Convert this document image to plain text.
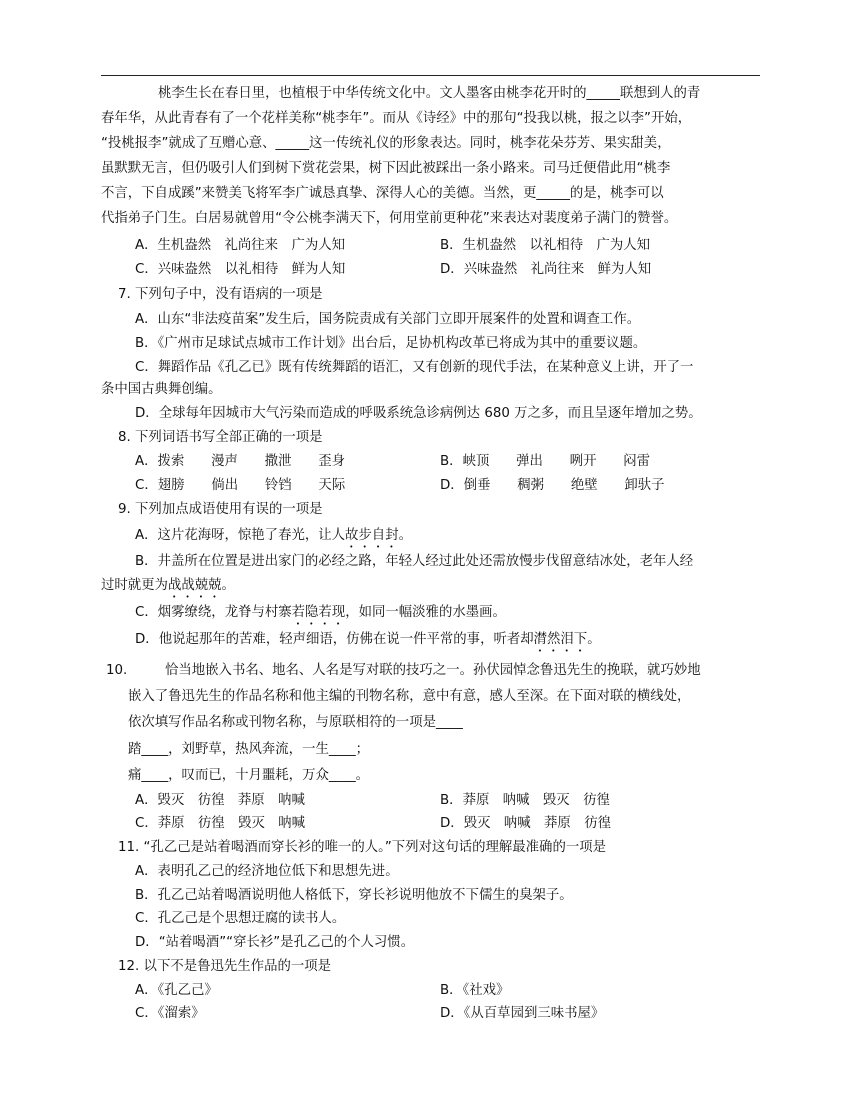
桃李生长在春日里，也植根于中华传统文化中。文人墨客由桃李花开时的_____联想到人的青
春年华，从此青春有了一个花样美称“桃李年”。而从《诗经》中的那句“投我以桃，报之以李”开始，
“投桃报李”就成了互赠心意、_____这一传统礼仪的形象表达。同时，桃李花朵芬芳、果实甜美，
虽默默无言，但仍吸引人们到树下赏花尝果，树下因此被踩出一条小路来。司马迁便借此用“桃李
不言，下自成蹊”来赞美飞将军李广诚恳真挚、深得人心的美德。当然，更_____的是，桃李可以
代指弟子门生。白居易就曾用“令公桃李满天下，何用堂前更种花”来表达对裴度弟子满门的赞誉。
A．生机盎然　礼尚往来　广为人知	B．生机盎然　以礼相待　广为人知
C．兴味盎然　以礼相待　鲜为人知	D．兴味盎然　礼尚往来　鲜为人知
7. 下列句子中，没有语病的一项是
A．山东“非法疫苗案”发生后，国务院责成有关部门立即开展案件的处置和调查工作。
B．《广州市足球试点城市工作计划》出台后，足协机构改革已将成为其中的重要议题。
C．舞蹈作品《孔乙已》既有传统舞蹈的语汇，又有创新的现代手法，在某种意义上讲，开了一
条中国古典舞创编。
D．全球每年因城市大气污染而造成的呼吸系统急诊病例达 680 万之多，而且呈逐年增加之势。
8. 下列词语书写全部正确的一项是
A．拨索　　漫声　　撒泄　　歪身	B．峡顶　　弹出　　咧开　　闷雷
C．翅膀　　倘出　　铃铛　　天际	D．倒垂　　稠粥　　绝壁　　卸驮子
9. 下列加点成语使用有误的一项是
A．这片花海呀，惊艳了春光，让人故步自封。
B．井盖所在位置是进出家门的必经之路，年轻人经过此处还需放慢步伐留意结冰处，老年人经
过时就更为战战兢兢。
C．烟雾缭绕，龙脊与村寨若隐若现，如同一幅淡雅的水墨画。
D．他说起那年的苦难，轻声细语，仿佛在说一件平常的事，听者却潸然泪下。
10.	恰当地嵌入书名、地名、人名是写对联的技巧之一。孙伏园悼念鲁迅先生的挽联，就巧妙地
嵌入了鲁迅先生的作品名称和他主编的刊物名称，意中有意，感人至深。在下面对联的横线处，
依次填写作品名称或刊物名称，与原联相符的一项是____
踏____，刘野草，热风奔流，一生____；
痛____，叹而已，十月噩耗，万众____。
A．毁灭　彷徨　莽原　呐喊	B．莽原　呐喊　毁灭　彷徨
C．莽原　彷徨　毁灭　呐喊	D．毁灭　呐喊　莽原　彷徨
11. “孔乙己是站着喝酒而穿长衫的唯一的人。”下列对这句话的理解最准确的一项是
A．表明孔乙己的经济地位低下和思想先进。
B．孔乙己站着喝酒说明他人格低下，穿长衫说明他放不下儒生的臭架子。
C．孔乙己是个思想迂腐的读书人。
D．“站着喝酒”“穿长衫”是孔乙己的个人习惯。
12. 以下不是鲁迅先生作品的一项是
A．《孔乙己》	B．《社戏》
C．《溜索》	D．《从百草园到三味书屋》
